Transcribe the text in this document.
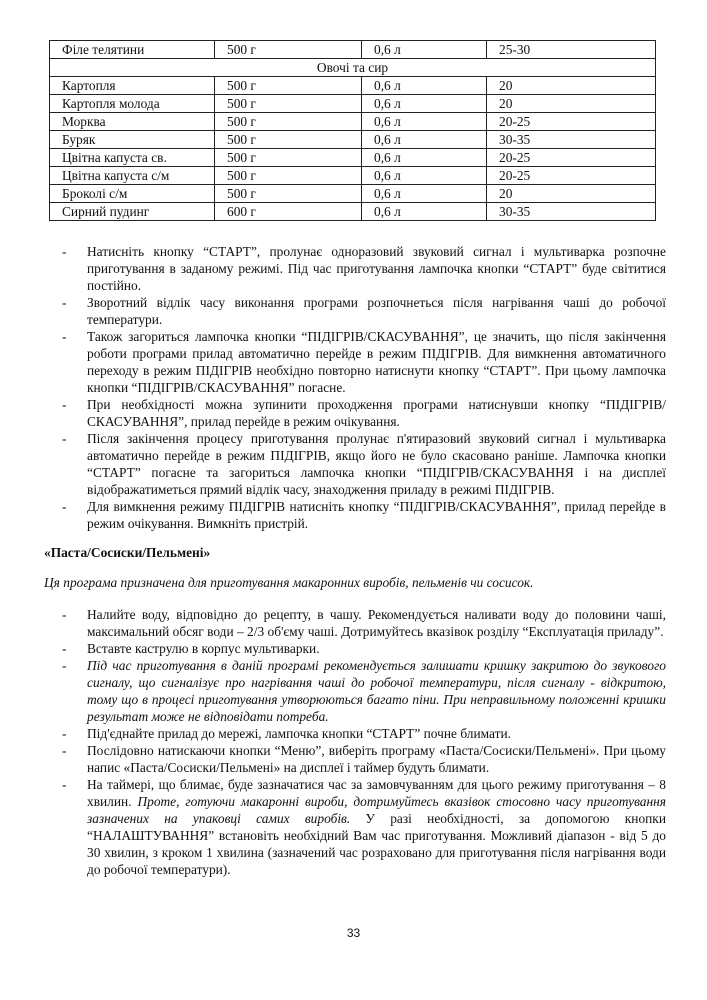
Філе телятини	500 г	0,6 л	25-30
Овочі та сир			
Картопля	500 г	0,6 л	20
Картопля молода	500 г	0,6 л	20
Морква	500 г	0,6 л	20-25
Буряк	500 г	0,6 л	30-35
Цвітна капуста св.	500 г	0,6 л	20-25
Цвітна капуста с/м	500 г	0,6 л	20-25
Броколі с/м	500 г	0,6 л	20
Сирний пудинг	600 г	0,6 л	30-35
- Натисніть кнопку “СТАРТ”, пролунає одноразовий звуковий сигнал і мультиварка розпочне приготування в заданому режимі. Під час приготування лампочка кнопки “СТАРТ” буде світитися постійно.
- Зворотний відлік часу виконання програми розпочнеться після нагрівання чаші до робочої температури.
- Також загориться лампочка кнопки “ПІДІГРІВ/СКАСУВАННЯ”, це значить, що після закінчення роботи програми прилад автоматично перейде в режим ПІДІГРІВ. Для вимкнення автоматичного переходу в режим ПІДІГРІВ необхідно повторно натиснути кнопку “СТАРТ”. При цьому лампочка кнопки “ПІДІГРІВ/СКАСУВАННЯ” погасне.
- При необхідності можна зупинити проходження програми натиснувши кнопку “ПІДІГРІВ/СКАСУВАННЯ”, прилад перейде в режим очікування.
- Після закінчення процесу приготування пролунає п'ятиразовий звуковий сигнал і мультиварка автоматично перейде в режим ПІДІГРІВ, якщо його не було скасовано раніше. Лампочка кнопки “СТАРТ” погасне та загориться лампочка кнопки “ПІДІГРІВ/СКАСУВАННЯ і на дисплеї відображатиметься прямий відлік часу, знаходження приладу в режимі ПІДІГРІВ.
- Для вимкнення режиму ПІДІГРІВ натисніть кнопку “ПІДІГРІВ/СКАСУВАННЯ”, прилад перейде в режим очікування. Вимкніть пристрій.
«Паста/Сосиски/Пельмені»
Ця програма призначена для приготування макаронних виробів, пельменів чи сосисок.
- Налийте воду, відповідно до рецепту, в чашу. Рекомендується наливати воду до половини чаші, максимальний обсяг води – 2/3 об'єму чаші. Дотримуйтесь вказівок розділу “Експлуатація приладу”.
- Вставте каструлю в корпус мультиварки.
- Під час приготування в даній програмі рекомендується залишати кришку закритою до звукового сигналу, що сигналізує про нагрівання чаші до робочої температури, після сигналу - відкритою, тому що в процесі приготування утворюються багато піни. При неправильному положенні кришки результат може не відповідати потреба.
- Під'єднайте прилад до мережі, лампочка кнопки “СТАРТ” почне блимати.
- Послідовно натискаючи кнопки “Меню”, виберіть програму «Паста/Сосиски/Пельмені». При цьому напис «Паста/Сосиски/Пельмені» на дисплеї і таймер будуть блимати.
- На таймері, що блимає, буде зазначатися час за замовчуванням для цього режиму приготування – 8 хвилин. Проте, готуючи макаронні вироби, дотримуйтесь вказівок стосовно часу приготування зазначених на упаковці самих виробів. У разі необхідності, за допомогою кнопки “НАЛАШТУВАННЯ” встановіть необхідний Вам час приготування. Можливий діапазон - від 5 до 30 хвилин, з кроком 1 хвилина (зазначений час розраховано для приготування після нагрівання води до робочої температури).
33
